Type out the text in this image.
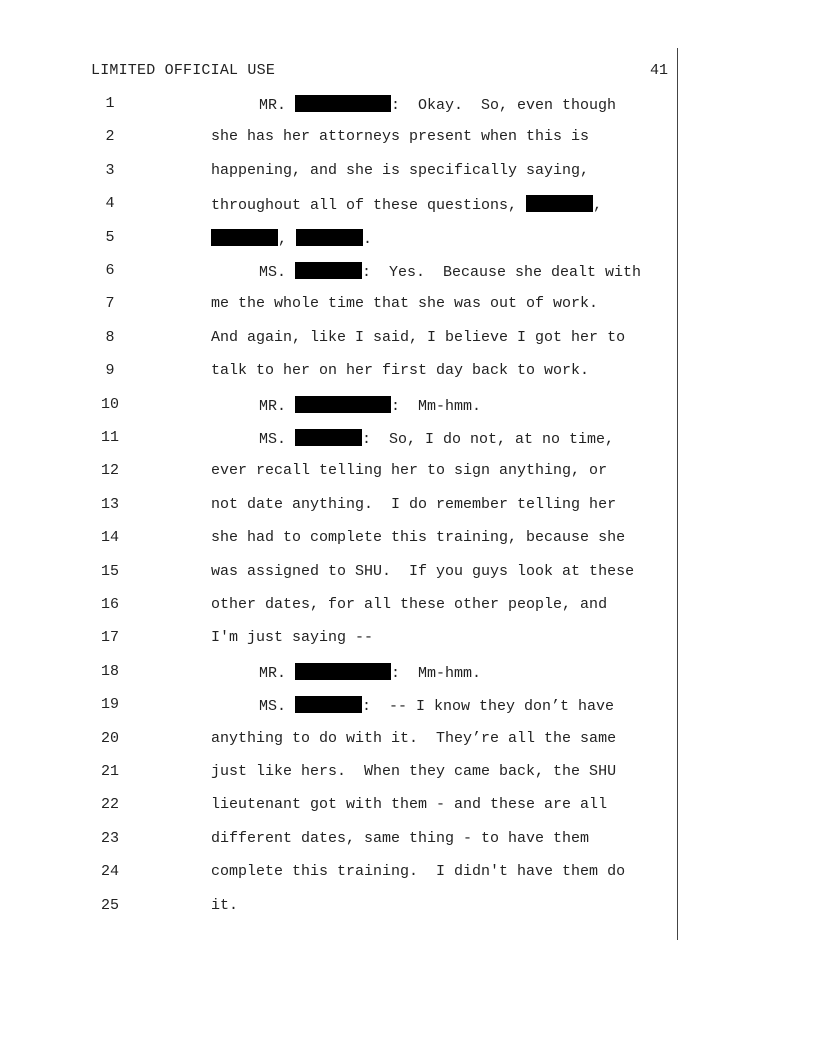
LIMITED OFFICIAL USE	41
1	MR.	:  Okay.  So, even though
2	she has her attorneys present when this is
3	happening, and she is specifically saying,
4	throughout all of these questions,	,
5	,	.
6	MS.	:  Yes.  Because she dealt with
7	me the whole time that she was out of work.
8	And again, like I said, I believe I got her to
9	talk to her on her first day back to work.
10	MR.	:  Mm-hmm.
11	MS.	:  So, I do not, at no time,
12	ever recall telling her to sign anything, or
13	not date anything.  I do remember telling her
14	she had to complete this training, because she
15	was assigned to SHU.  If you guys look at these
16	other dates, for all these other people, and
17	I'm just saying --
18	MR.	:  Mm-hmm.
19	MS.	:  -- I know they don’t have
20	anything to do with it.  They’re all the same
21	just like hers.  When they came back, the SHU
22	lieutenant got with them - and these are all
23	different dates, same thing - to have them
24	complete this training.  I didn't have them do
25	it.
